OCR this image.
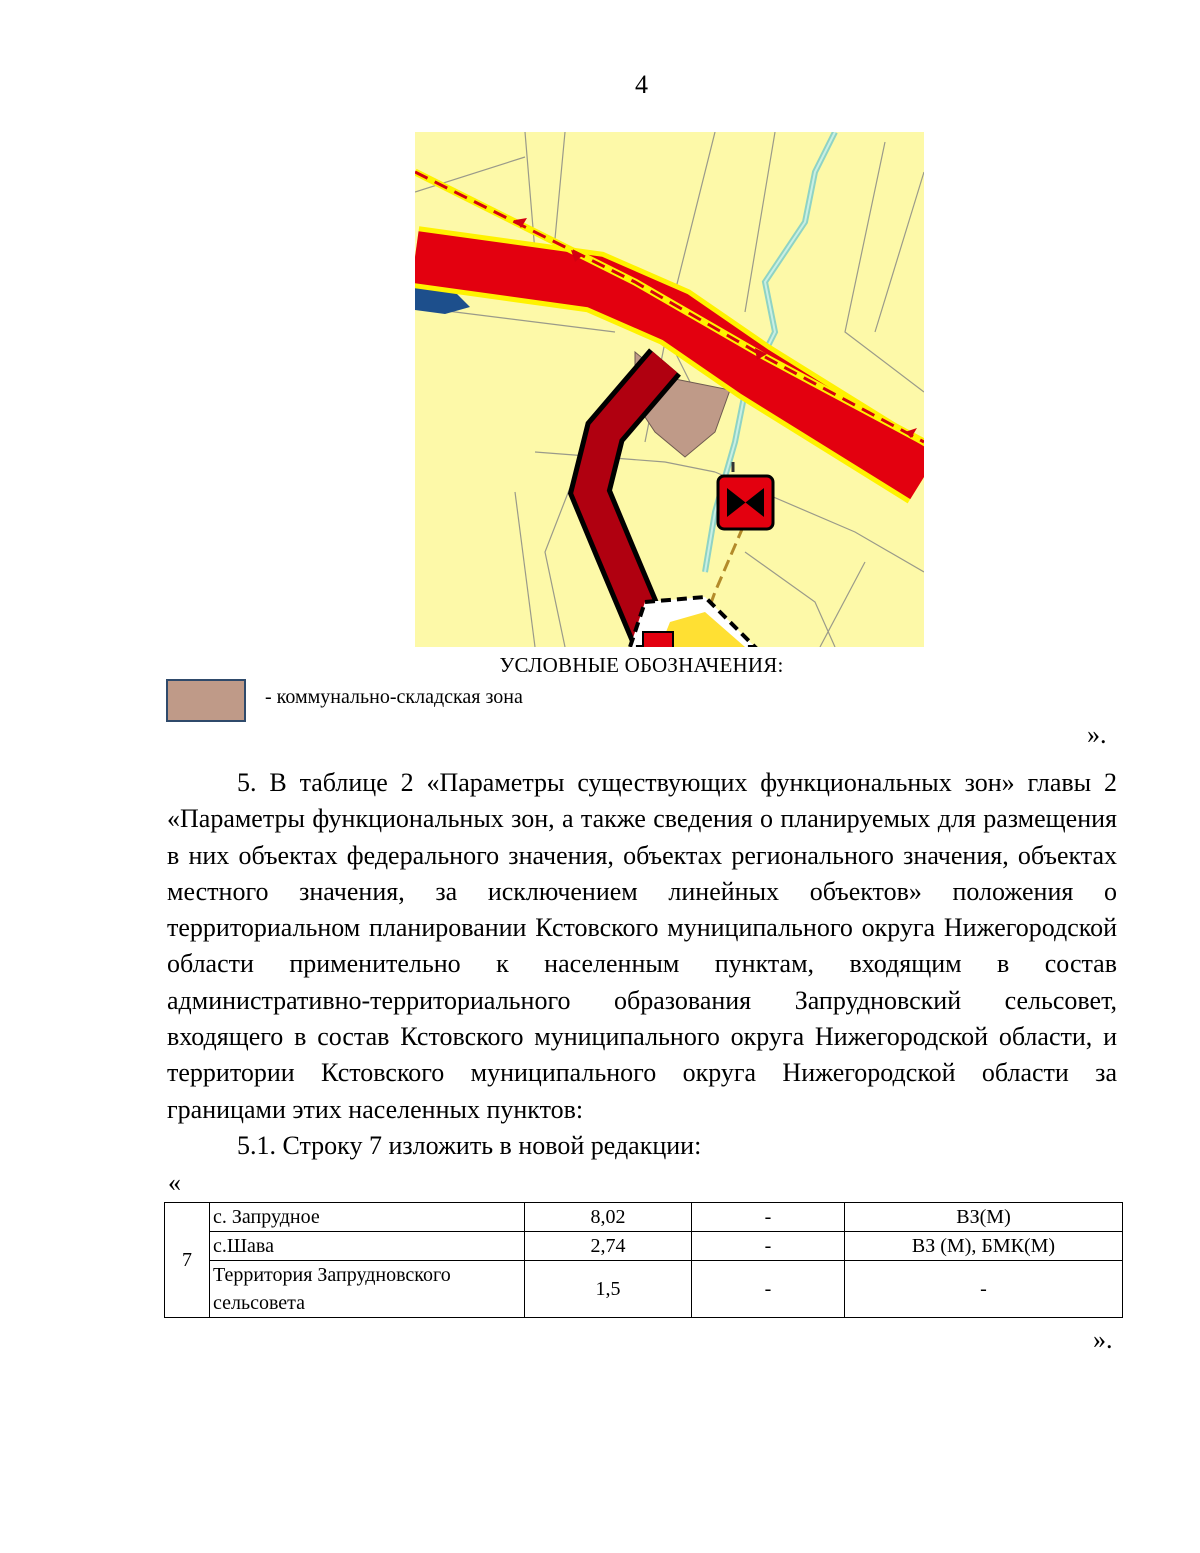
4
УСЛОВНЫЕ ОБОЗНАЧЕНИЯ:
- коммунально-складская зона
».

5. В таблице 2 «Параметры существующих функциональных зон» главы 2 «Параметры функциональных зон, а также сведения о планируемых для размещения в них объектах федерального значения, объектах регионального значения, объектах местного значения, за исключением линейных объектов» положения о территориальном планировании Кстовского муниципального округа Нижегородской области применительно к населенным пунктам, входящим в состав административно-территориального образования Запрудновский сельсовет, входящего в состав Кстовского муниципального округа Нижегородской области, и территории Кстовского муниципального округа Нижегородской области за границами этих населенных пунктов:

5.1. Строку 7 изложить в новой редакции:

«
7	с. Запрудное	8,02	-	ВЗ(М)
	с.Шава	2,74	-	ВЗ (М), БМК(М)
	Территория Запрудновского сельсовета	1,5	-	-
».
